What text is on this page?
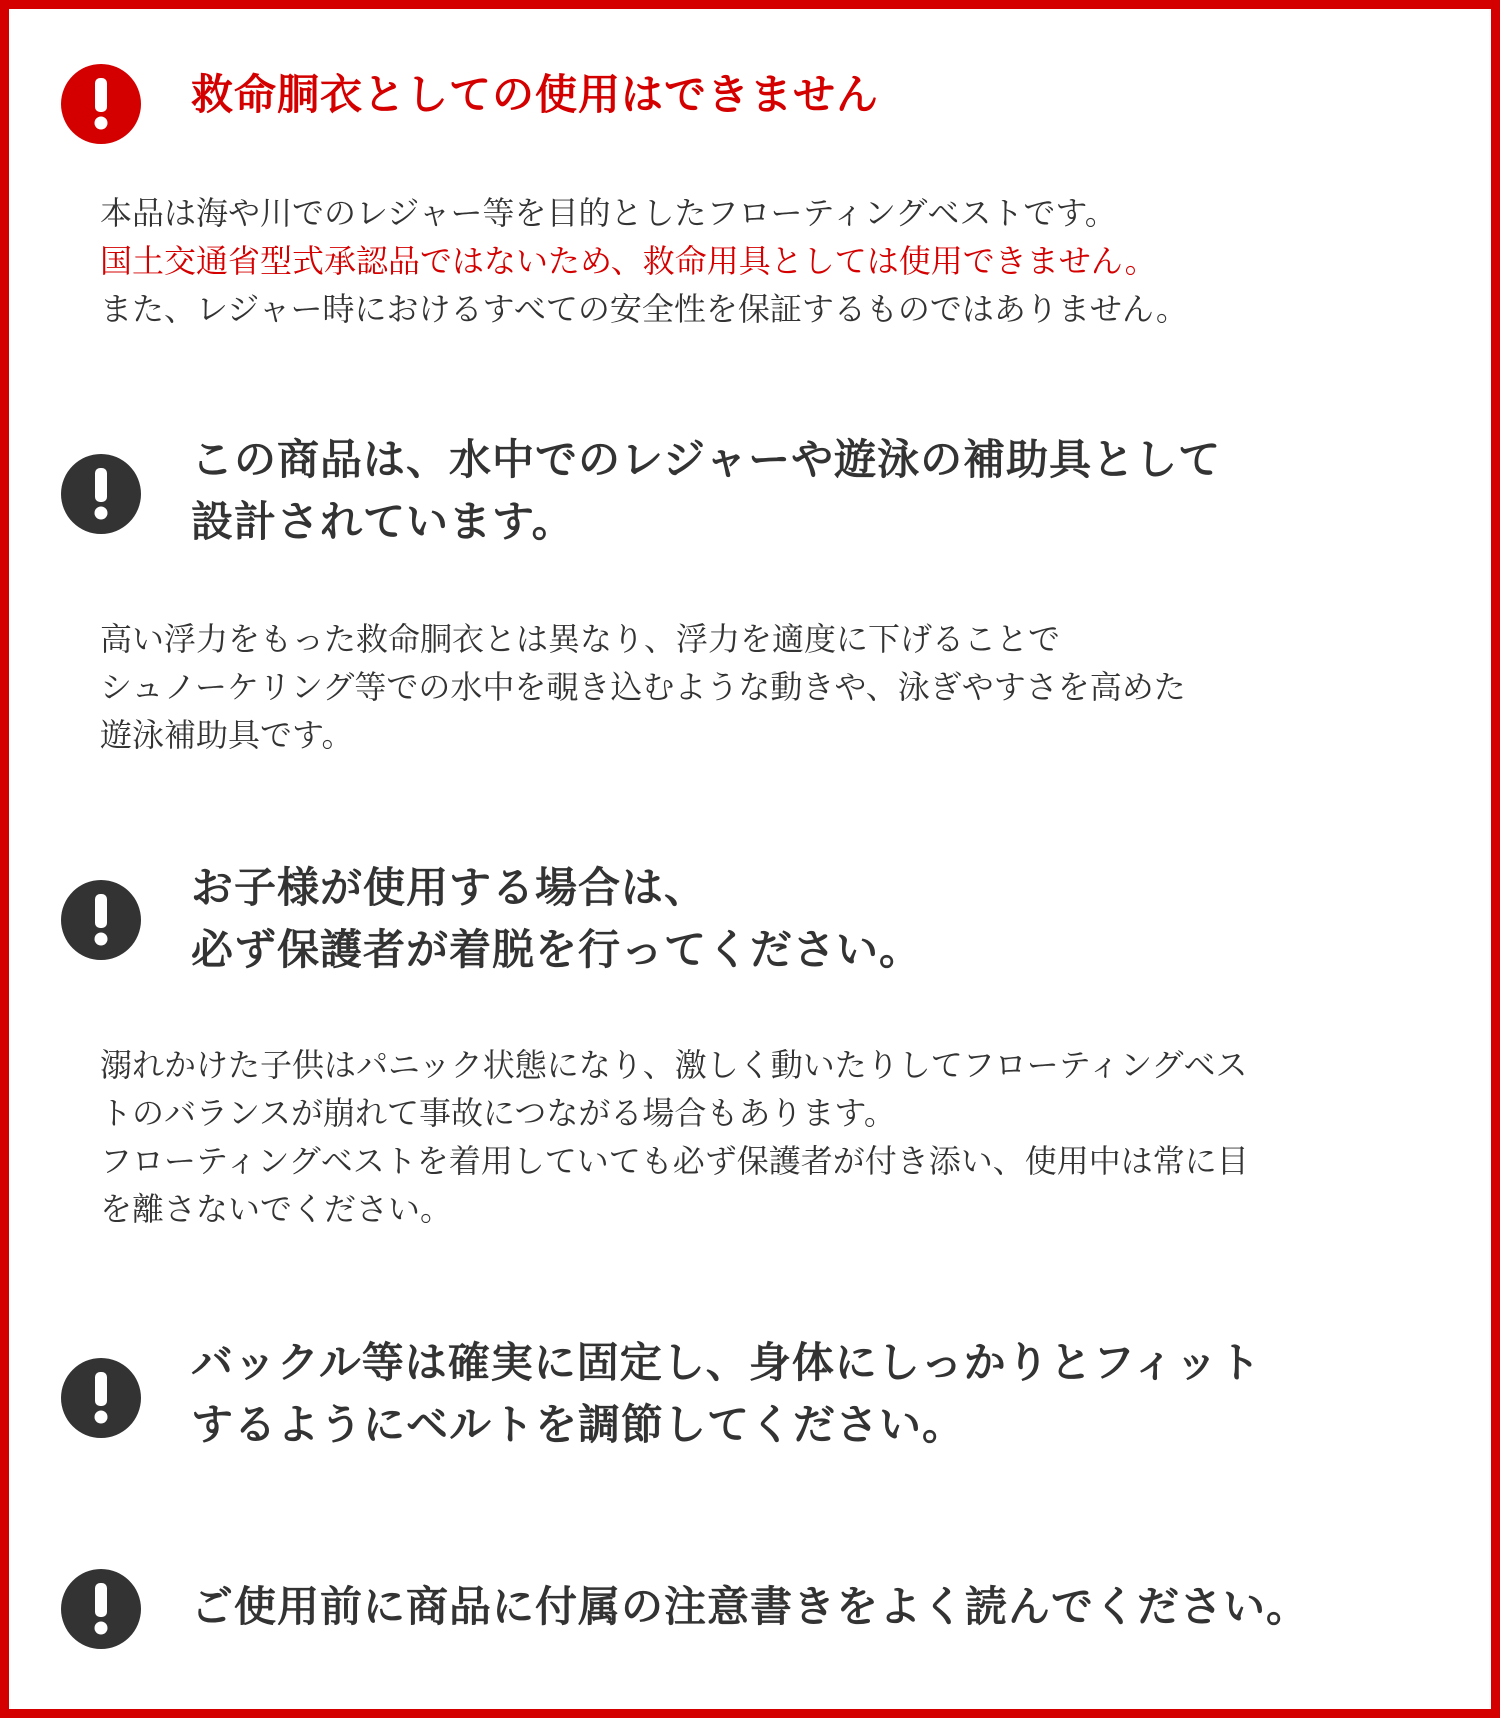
救命胴衣としての使用はできません

本品は海や川でのレジャー等を目的としたフローティングベストです。
国土交通省型式承認品ではないため、救命用具としては使用できません。
また、レジャー時におけるすべての安全性を保証するものではありません。

この商品は、水中でのレジャーや遊泳の補助具として
設計されています。

高い浮力をもった救命胴衣とは異なり、浮力を適度に下げることで
シュノーケリング等での水中を覗き込むような動きや、泳ぎやすさを高めた
遊泳補助具です。

お子様が使用する場合は、
必ず保護者が着脱を行ってください。

溺れかけた子供はパニック状態になり、激しく動いたりしてフローティングベス
トのバランスが崩れて事故につながる場合もあります。
フローティングベストを着用していても必ず保護者が付き添い、使用中は常に目
を離さないでください。

バックル等は確実に固定し、身体にしっかりとフィット
するようにベルトを調節してください。
ご使用前に商品に付属の注意書きをよく読んでください。
